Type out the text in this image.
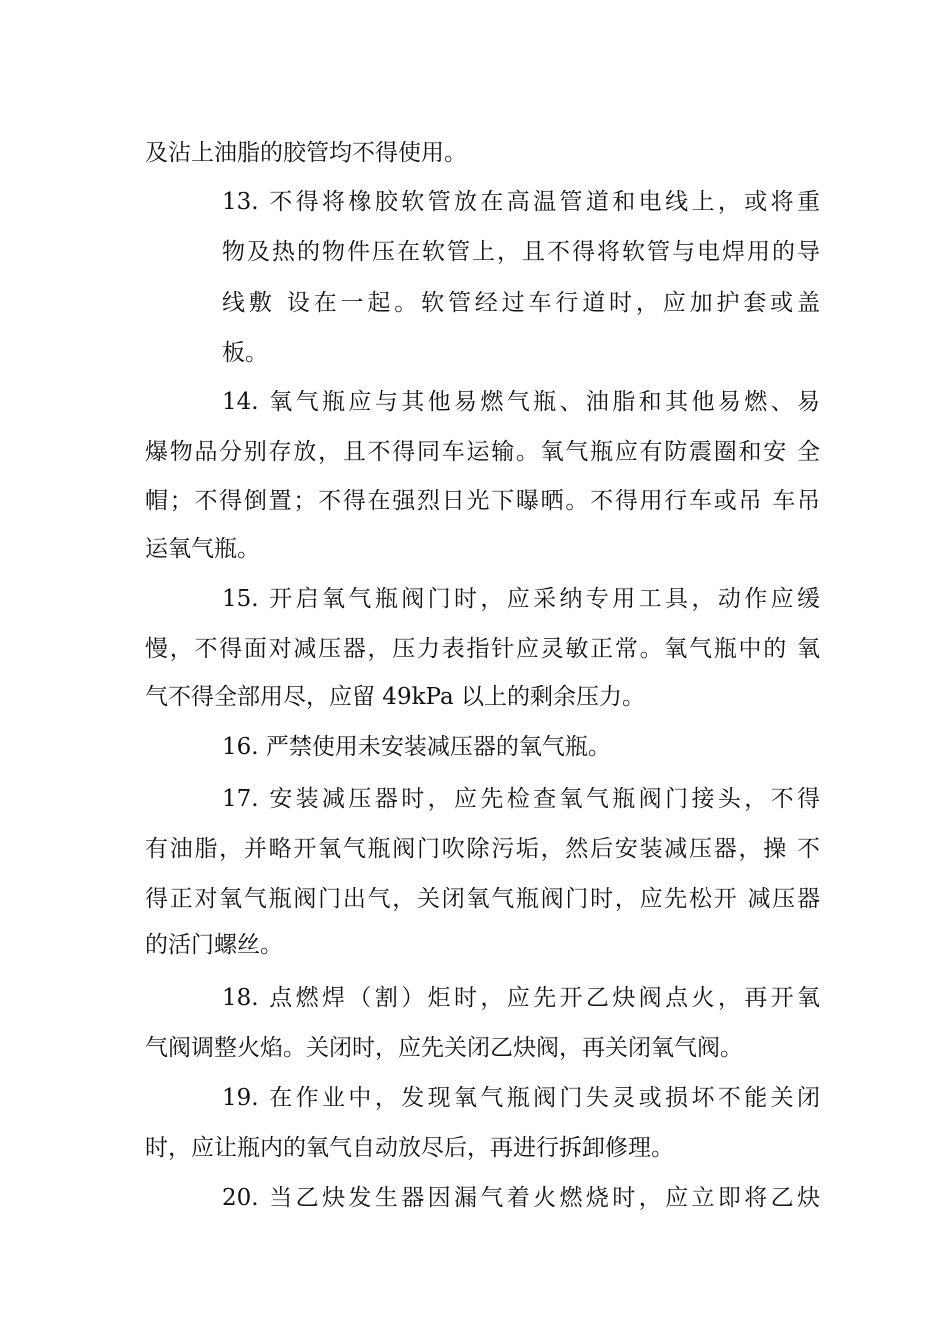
及沾上油脂的胶管均不得使用。
13. 不得将橡胶软管放在高温管道和电线上，或将重
物及热的物件压在软管上，且不得将软管与电焊用的导
线敷 设在一起。软管经过车行道时，应加护套或盖
板。
14. 氧气瓶应与其他易燃气瓶、油脂和其他易燃、易
爆物品分别存放，且不得同车运输。氧气瓶应有防震圈和安 全
帽；不得倒置；不得在强烈日光下曝晒。不得用行车或吊 车吊
运氧气瓶。
15. 开启氧气瓶阀门时，应采纳专用工具，动作应缓
慢，不得面对减压器，压力表指针应灵敏正常。氧气瓶中的 氧
气不得全部用尽，应留 49kPa 以上的剩余压力。
16. 严禁使用未安装减压器的氧气瓶。
17. 安装减压器时，应先检查氧气瓶阀门接头，不得
有油脂，并略开氧气瓶阀门吹除污垢，然后安装减压器，操 不
得正对氧气瓶阀门出气，关闭氧气瓶阀门时，应先松开 减压器
的活门螺丝。
18. 点燃焊（割）炬时，应先开乙炔阀点火，再开氧
气阀调整火焰。关闭时，应先关闭乙炔阀，再关闭氧气阀。
19. 在作业中，发现氧气瓶阀门失灵或损坏不能关闭
时，应让瓶内的氧气自动放尽后，再进行拆卸修理。
20. 当乙炔发生器因漏气着火燃烧时，应立即将乙炔
